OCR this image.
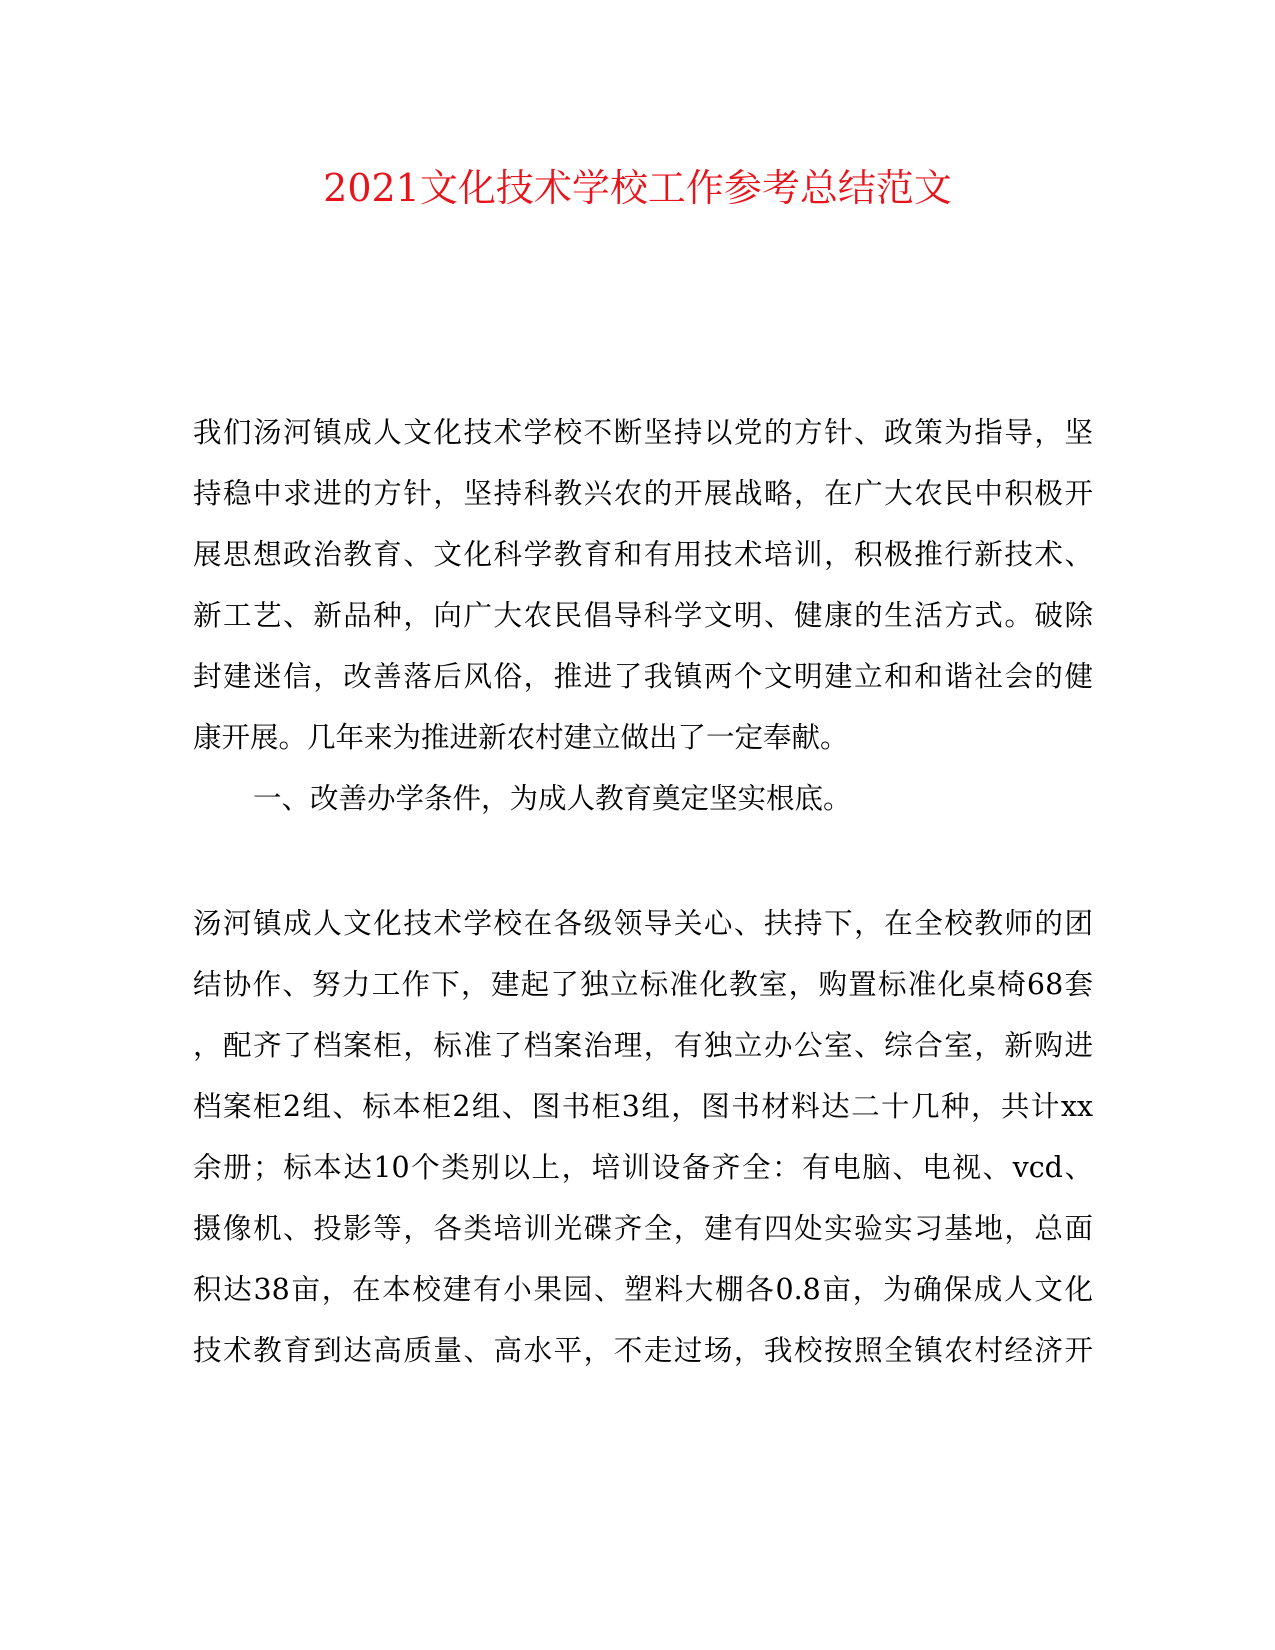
2021文化技术学校工作参考总结范文
我们汤河镇成人文化技术学校不断坚持以党的方针、政策为指导，坚
持稳中求进的方针，坚持科教兴农的开展战略，在广大农民中积极开
展思想政治教育、文化科学教育和有用技术培训，积极推行新技术、
新工艺、新品种，向广大农民倡导科学文明、健康的生活方式。破除
封建迷信，改善落后风俗，推进了我镇两个文明建立和和谐社会的健
康开展。几年来为推进新农村建立做出了一定奉献。
一、改善办学条件，为成人教育奠定坚实根底。
汤河镇成人文化技术学校在各级领导关心、扶持下，在全校教师的团
结协作、努力工作下，建起了独立标准化教室，购置标准化桌椅68套
，配齐了档案柜，标准了档案治理，有独立办公室、综合室，新购进
档案柜2组、标本柜2组、图书柜3组，图书材料达二十几种，共计xx
余册；标本达10个类别以上，培训设备齐全：有电脑、电视、vcd、
摄像机、投影等，各类培训光碟齐全，建有四处实验实习基地，总面
积达38亩，在本校建有小果园、塑料大棚各0.8亩，为确保成人文化
技术教育到达高质量、高水平，不走过场，我校按照全镇农村经济开
